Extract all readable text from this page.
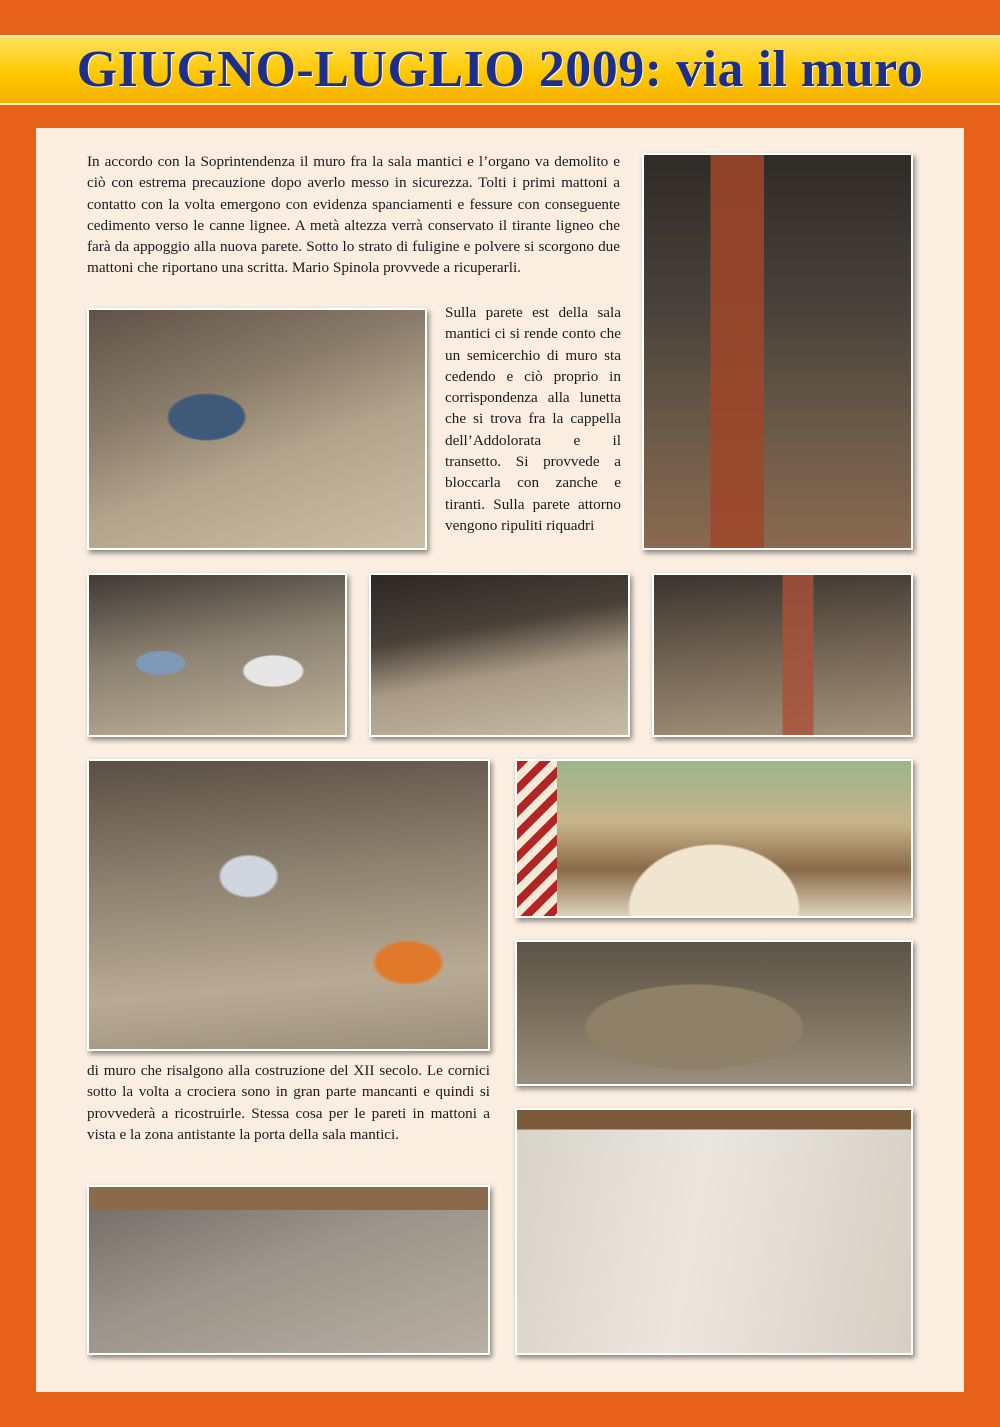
GIUGNO-LUGLIO 2009: via il muro

In accordo con la Soprintendenza il muro fra la sala mantici e l’organo va demolito e ciò con estrema precauzione dopo averlo messo in sicurezza. Tolti i primi mattoni a contatto con la volta emergono con evidenza spanciamenti e fessure con conseguente cedimento verso le canne lignee. A metà altezza verrà conservato il tirante ligneo che farà da appoggio alla nuova parete. Sotto lo strato di fuligine e polvere si scorgono due mattoni che riportano una scritta. Mario Spinola provvede a ricuperarli.

Sulla parete est della sala mantici ci si rende conto che un semicerchio di muro sta cedendo e ciò proprio in corrispondenza alla lunetta che si trova fra la cappella dell’Addolorata e il transetto. Si provvede a bloccarla con zanche e tiranti. Sulla parete attorno vengono ripuliti riquadri

di muro che risalgono alla costruzione del XII secolo. Le cornici sotto la volta a crociera sono in gran parte mancanti e quindi si provvederà a ricostruirle. Stessa cosa per le pareti in mattoni a vista e la zona antistante la porta della sala mantici.
